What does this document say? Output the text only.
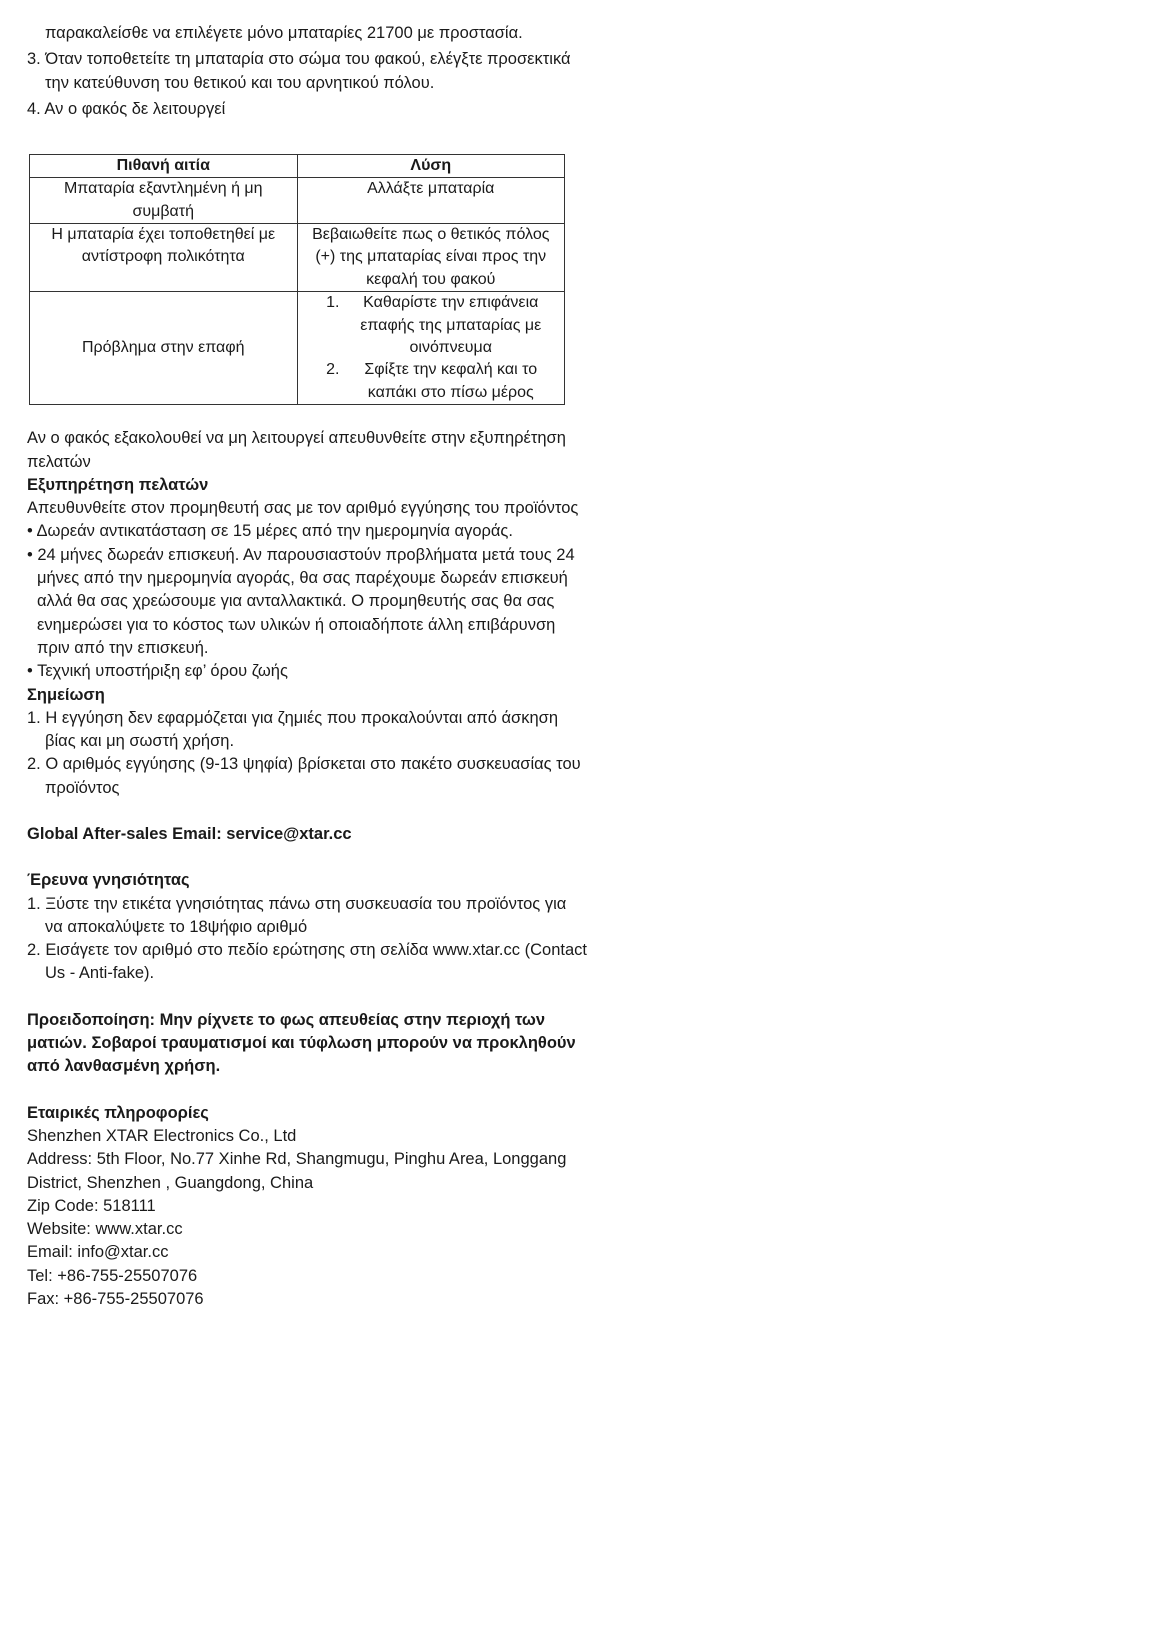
παρακαλείσθε να επιλέγετε μόνο μπαταρίες 21700 με προστασία.

3. Όταν τοποθετείτε τη μπαταρία στο σώμα του φακού, ελέγξτε προσεκτικά την κατεύθυνση του θετικού και του αρνητικού πόλου.

4. Αν ο φακός δε λειτουργεί

Πιθανή αιτία	Λύση
Μπαταρία εξαντλημένη ή μη συμβατή	Αλλάξτε μπαταρία
Η μπαταρία έχει τοποθετηθεί με αντίστροφη πολικότητα	Βεβαιωθείτε πως ο θετικός πόλος (+) της μπαταρίας είναι προς την κεφαλή του φακού
Πρόβλημα στην επαφή	1. Καθαρίστε την επιφάνεια επαφής της μπαταρίας με οινόπνευμα
2. Σφίξτε την κεφαλή και το καπάκι στο πίσω μέρος

Αν ο φακός εξακολουθεί να μη λειτουργεί απευθυνθείτε στην εξυπηρέτηση πελατών

Εξυπηρέτηση πελατών

Απευθυνθείτε στον προμηθευτή σας με τον αριθμό εγγύησης του προϊόντος

• Δωρεάν αντικατάσταση σε 15 μέρες από την ημερομηνία αγοράς.

• 24 μήνες δωρεάν επισκευή. Αν παρουσιαστούν προβλήματα μετά τους 24 μήνες από την ημερομηνία αγοράς, θα σας παρέχουμε δωρεάν επισκευή αλλά θα σας χρεώσουμε για ανταλλακτικά. Ο προμηθευτής σας θα σας ενημερώσει για το κόστος των υλικών ή οποιαδήποτε άλλη επιβάρυνση πριν από την επισκευή.

• Τεχνική υποστήριξη εφ’ όρου ζωής

Σημείωση

1. Η εγγύηση δεν εφαρμόζεται για ζημιές που προκαλούνται από άσκηση βίας και μη σωστή χρήση.

2. Ο αριθμός εγγύησης (9-13 ψηφία) βρίσκεται στο πακέτο συσκευασίας του προϊόντος

Global After-sales Email: service@xtar.cc

Έρευνα γνησιότητας

1. Ξύστε την ετικέτα γνησιότητας πάνω στη συσκευασία του προϊόντος για να αποκαλύψετε το 18ψήφιο αριθμό

2. Εισάγετε τον αριθμό στο πεδίο ερώτησης στη σελίδα www.xtar.cc (Contact Us - Anti-fake).

Προειδοποίηση: Μην ρίχνετε το φως απευθείας στην περιοχή των ματιών. Σοβαροί τραυματισμοί και τύφλωση μπορούν να προκληθούν από λανθασμένη χρήση.

Εταιρικές πληροφορίες

Shenzhen XTAR Electronics Co., Ltd

Address: 5th Floor, No.77 Xinhe Rd, Shangmugu, Pinghu Area, Longgang District, Shenzhen , Guangdong, China

Zip Code: 518111

Website: www.xtar.cc

Email: info@xtar.cc

Tel: +86-755-25507076

Fax: +86-755-25507076
